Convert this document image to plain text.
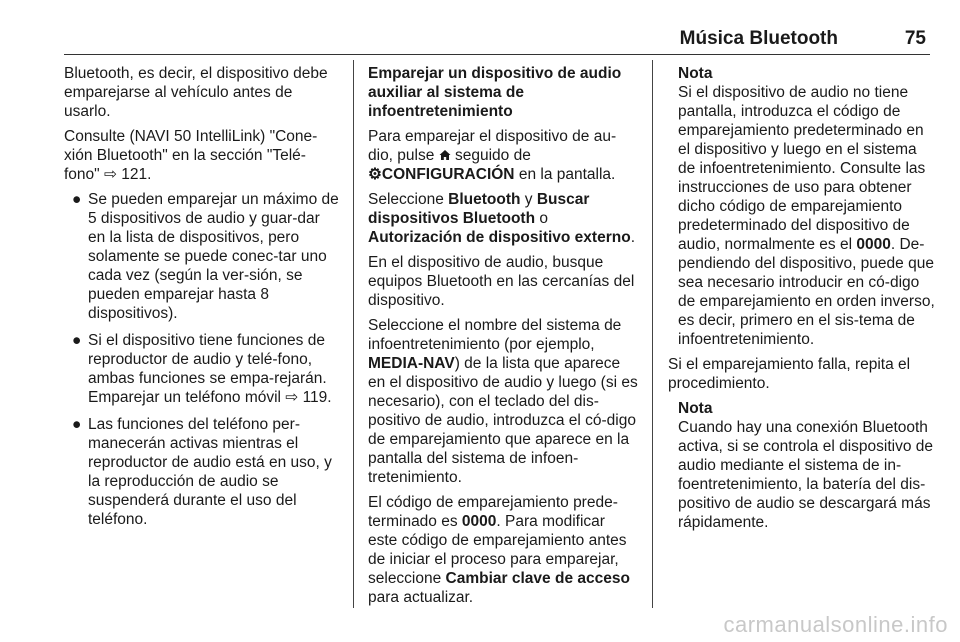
Música Bluetooth	75

Bluetooth, es decir, el dispositivo debe emparejarse al vehículo antes de usarlo.

Consulte (NAVI 50 IntelliLink) "Cone-xión Bluetooth" en la sección "Telé-fono" ⇨ 121.

● Se pueden emparejar un máximo de 5 dispositivos de audio y guar-dar en la lista de dispositivos, pero solamente se puede conec-tar uno cada vez (según la ver-sión, se pueden emparejar hasta 8 dispositivos).
● Si el dispositivo tiene funciones de reproductor de audio y telé-fono, ambas funciones se empa-rejarán. Emparejar un teléfono móvil ⇨ 119.
● Las funciones del teléfono per-manecerán activas mientras el reproductor de audio está en uso, y la reproducción de audio se suspenderá durante el uso del teléfono.

Emparejar un dispositivo de audio auxiliar al sistema de infoentretenimiento

Para emparejar el dispositivo de au-dio, pulse  seguido de ⚙CONFIGURACIÓN en la pantalla.

Seleccione Bluetooth y Buscar dispositivos Bluetooth o Autorización de dispositivo externo.

En el dispositivo de audio, busque equipos Bluetooth en las cercanías del dispositivo.

Seleccione el nombre del sistema de infoentretenimiento (por ejemplo, MEDIA-NAV) de la lista que aparece en el dispositivo de audio y luego (si es necesario), con el teclado del dis-positivo de audio, introduzca el có-digo de emparejamiento que aparece en la pantalla del sistema de infoen-tretenimiento.

El código de emparejamiento prede-terminado es 0000. Para modificar este código de emparejamiento antes de iniciar el proceso para emparejar, seleccione Cambiar clave de acceso para actualizar.

Nota
Si el dispositivo de audio no tiene pantalla, introduzca el código de emparejamiento predeterminado en el dispositivo y luego en el sistema de infoentretenimiento. Consulte las instrucciones de uso para obtener dicho código de emparejamiento predeterminado del dispositivo de audio, normalmente es el 0000. De-pendiendo del dispositivo, puede que sea necesario introducir en có-digo de emparejamiento en orden inverso, es decir, primero en el sis-tema de infoentretenimiento.

Si el emparejamiento falla, repita el procedimiento.

Nota
Cuando hay una conexión Bluetooth activa, si se controla el dispositivo de audio mediante el sistema de in-foentretenimiento, la batería del dis-positivo de audio se descargará más rápidamente.
carmanualsonline.info
